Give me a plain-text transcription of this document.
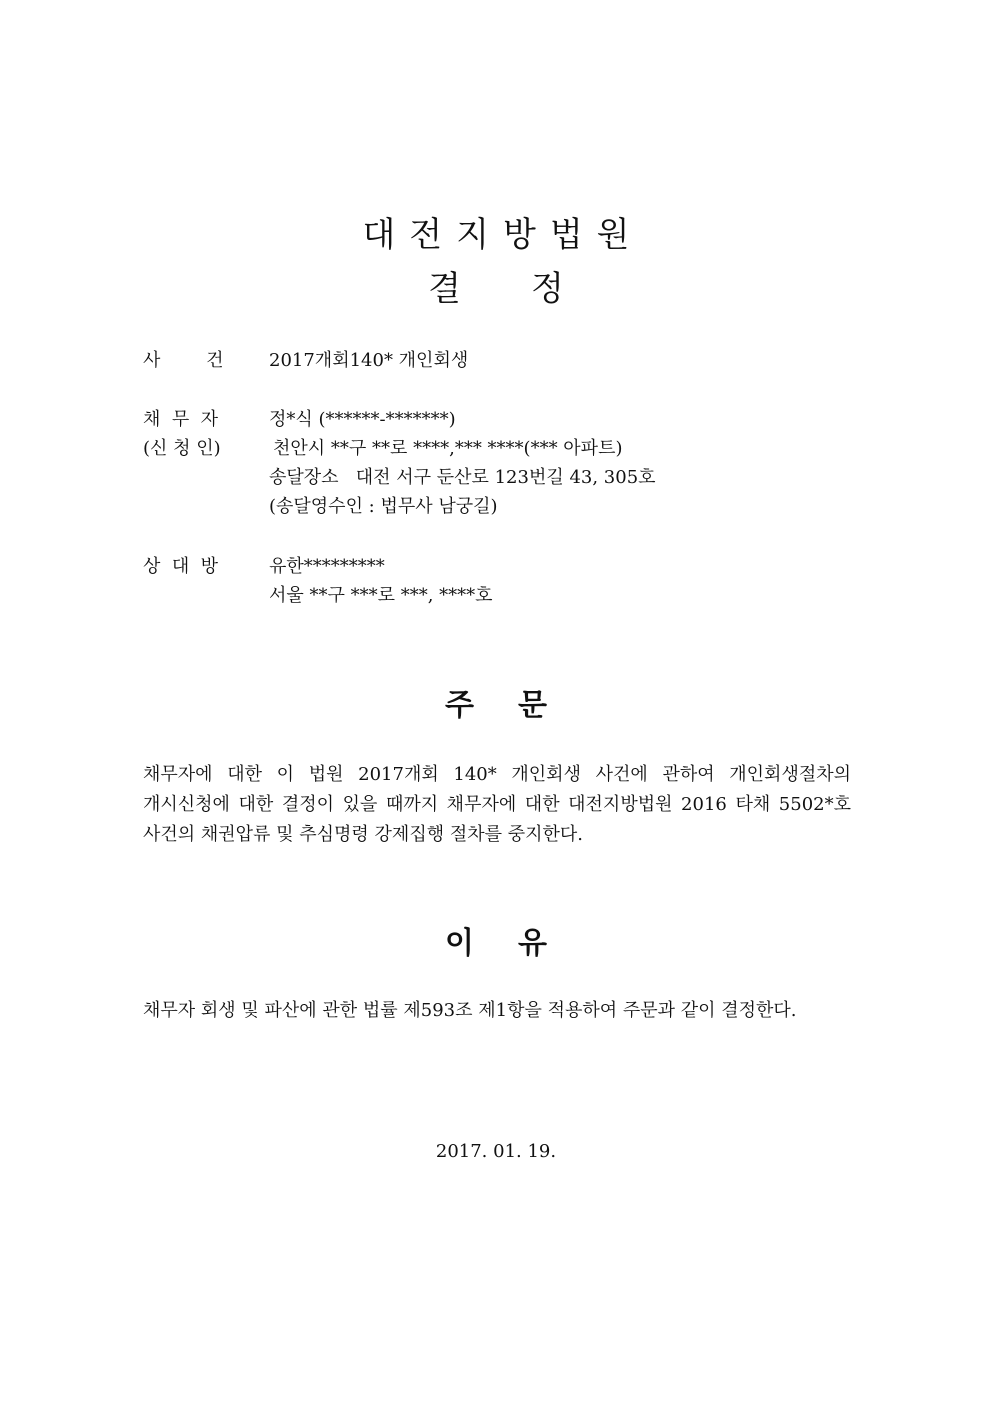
대전지방법원
결정
사        건	2017개회140* 개인회생
채  무  자	정*식 (******-*******)
(신 청 인)	천안시 **구 **로 ****,*** ****(*** 아파트)
송달장소   대전 서구 둔산로 123번길 43, 305호
(송달영수인 : 법무사 남궁길)
상  대  방	유한*********
서울 **구 ***로 ***, ****호
주문
채무자에 대한 이 법원 2017개회 140* 개인회생 사건에 관하여 개인회생절차의 개시신청에 대한 결정이 있을 때까지 채무자에 대한 대전지방법원 2016 타채 5502*호 사건의 채권압류 및 추심명령 강제집행 절차를 중지한다.
이유
채무자 회생 및 파산에 관한 법률 제593조 제1항을 적용하여 주문과 같이 결정한다.
2017. 01. 19.
